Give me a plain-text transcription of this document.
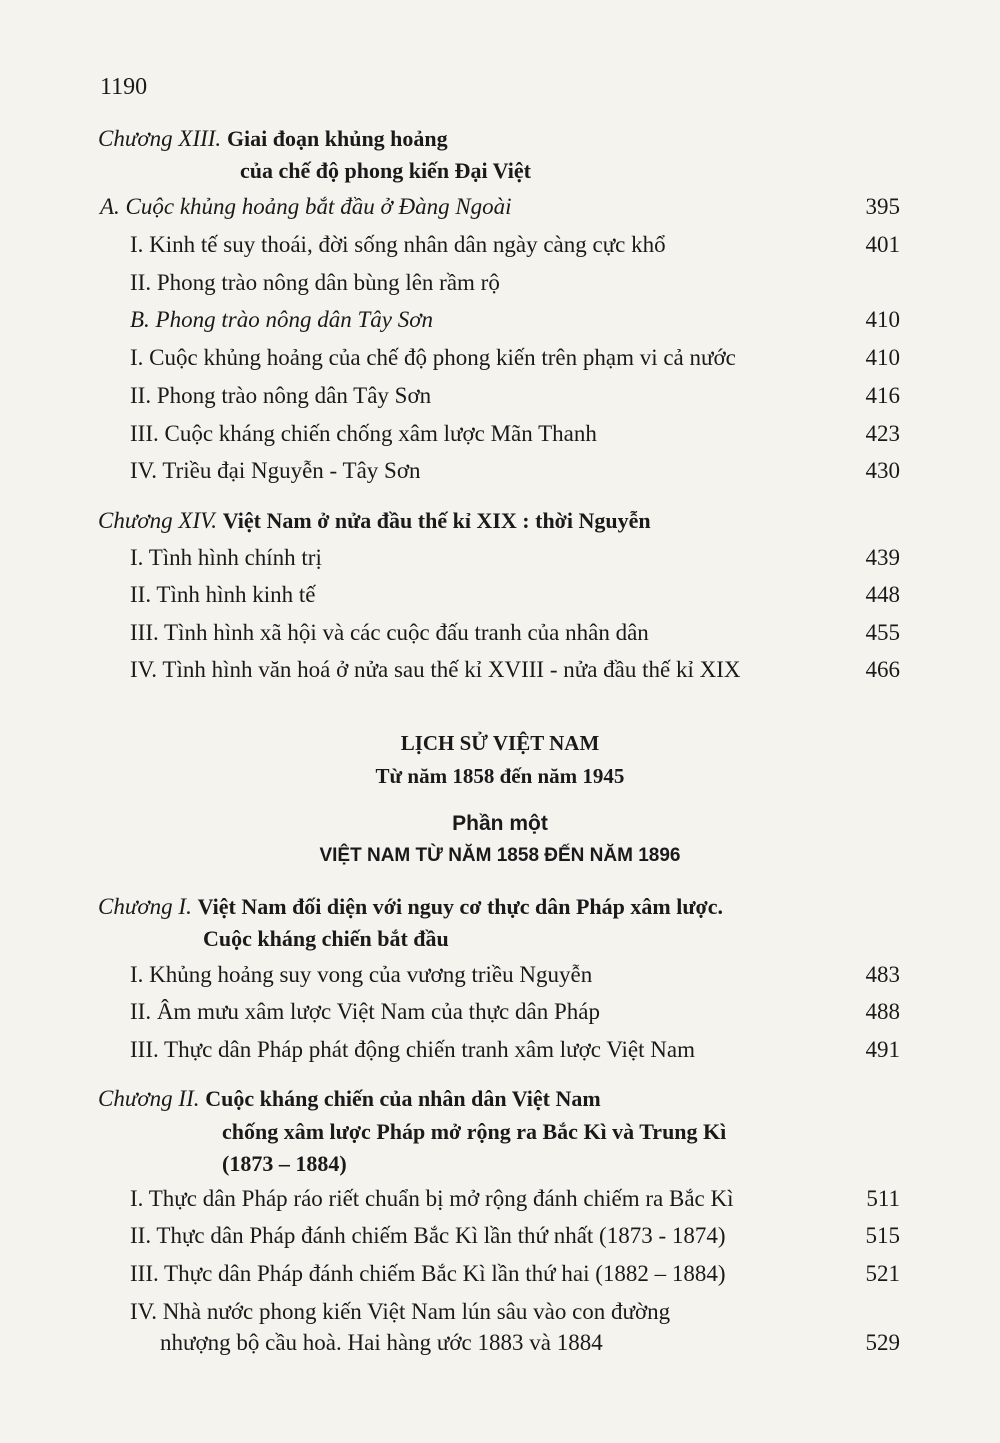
1190
Chương XIII. Giai đoạn khủng hoảng
của chế độ phong kiến Đại Việt
A. Cuộc khủng hoảng bắt đầu ở Đàng Ngoài	395
I. Kinh tế suy thoái, đời sống nhân dân ngày càng cực khổ	401
II. Phong trào nông dân bùng lên rầm rộ
B. Phong trào nông dân Tây Sơn	410
I. Cuộc khủng hoảng của chế độ phong kiến trên phạm vi cả nước	410
II. Phong trào nông dân Tây Sơn	416
III. Cuộc kháng chiến chống xâm lược Mãn Thanh	423
IV. Triều đại Nguyễn - Tây Sơn	430
Chương XIV. Việt Nam ở nửa đầu thế kỉ XIX : thời Nguyễn
I. Tình hình chính trị	439
II. Tình hình kinh tế	448
III. Tình hình xã hội và các cuộc đấu tranh của nhân dân	455
IV. Tình hình văn hoá ở nửa sau thế kỉ XVIII - nửa đầu thế kỉ XIX	466
LỊCH SỬ VIỆT NAM
Từ năm 1858 đến năm 1945
Phần một
VIỆT NAM TỪ NĂM 1858 ĐẾN NĂM 1896
Chương I. Việt Nam đối diện với nguy cơ thực dân Pháp xâm lược.
Cuộc kháng chiến bắt đầu
I. Khủng hoảng suy vong của vương triều Nguyễn	483
II. Âm mưu xâm lược Việt Nam của thực dân Pháp	488
III. Thực dân Pháp phát động chiến tranh xâm lược Việt Nam	491
Chương II. Cuộc kháng chiến của nhân dân Việt Nam
chống xâm lược Pháp mở rộng ra Bắc Kì và Trung Kì
(1873 – 1884)
I. Thực dân Pháp ráo riết chuẩn bị mở rộng đánh chiếm ra Bắc Kì	511
II. Thực dân Pháp đánh chiếm Bắc Kì lần thứ nhất (1873 - 1874)	515
III. Thực dân Pháp đánh chiếm Bắc Kì lần thứ hai (1882 – 1884)	521
IV. Nhà nước phong kiến Việt Nam lún sâu vào con đường
nhượng bộ cầu hoà. Hai hàng ước 1883 và 1884	529
